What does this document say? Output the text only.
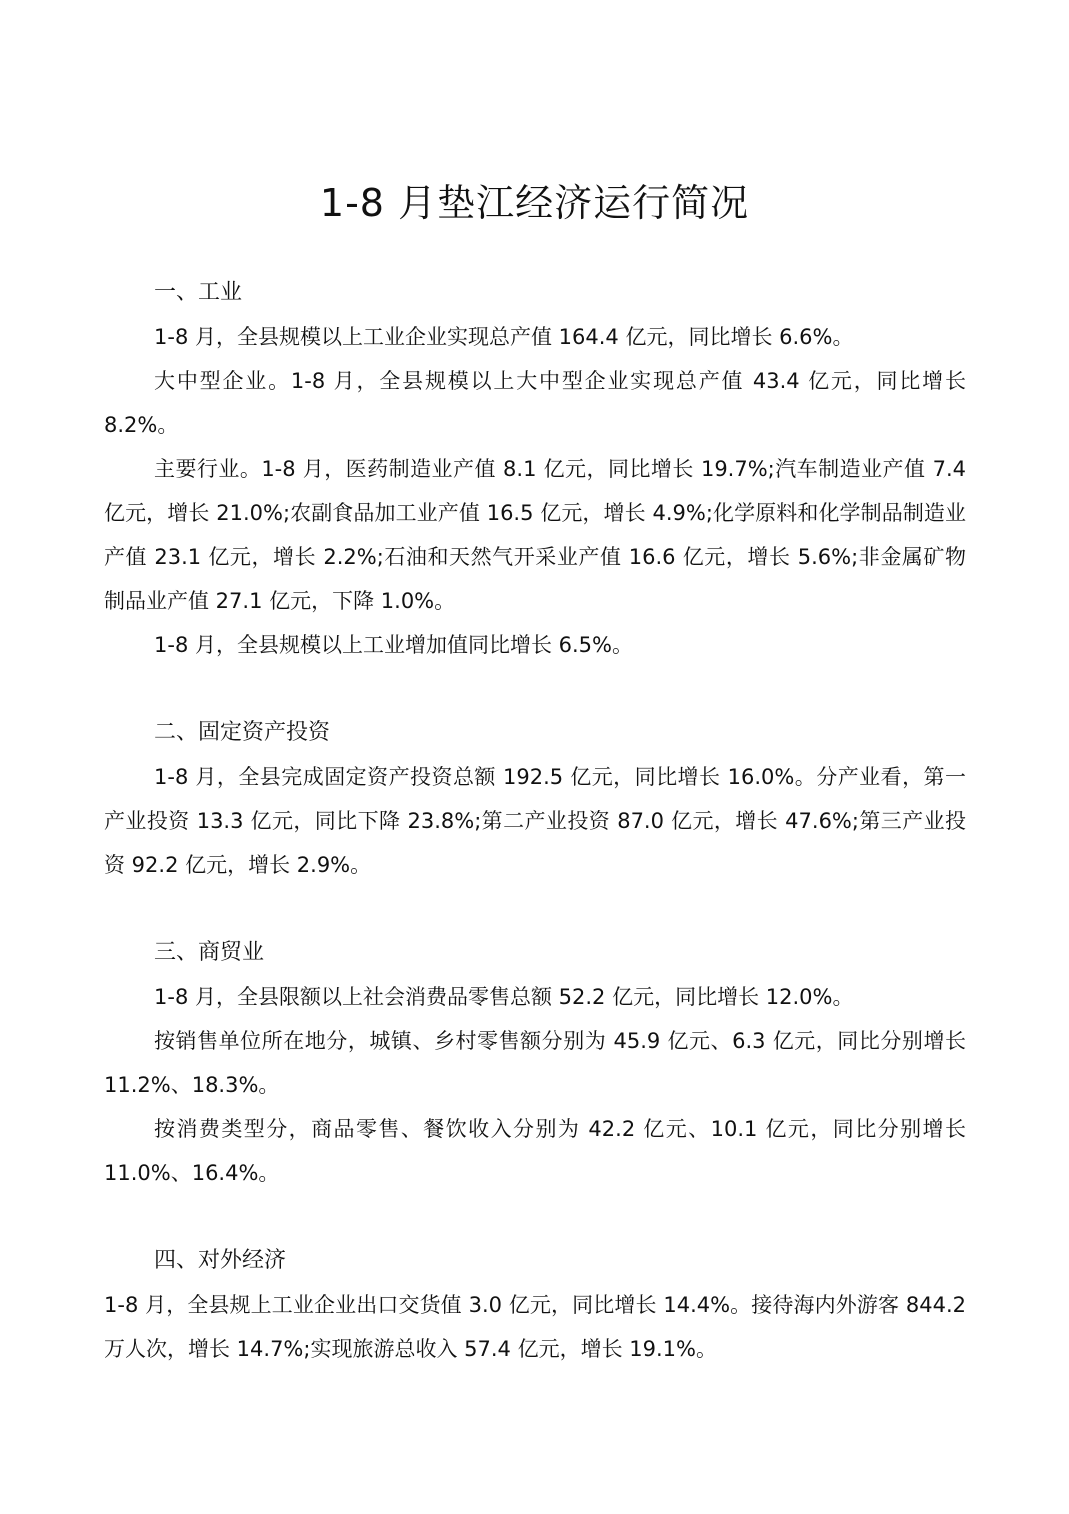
1-8 月垫江经济运行简况

一、工业

1-8 月，全县规模以上工业企业实现总产值 164.4 亿元，同比增长 6.6%。

大中型企业。1-8 月，全县规模以上大中型企业实现总产值 43.4 亿元，同比增长 8.2%。

主要行业。1-8 月，医药制造业产值 8.1 亿元，同比增长 19.7%;汽车制造业产值 7.4 亿元，增长 21.0%;农副食品加工业产值 16.5 亿元，增长 4.9%;化学原料和化学制品制造业产值 23.1 亿元，增长 2.2%;石油和天然气开采业产值 16.6 亿元，增长 5.6%;非金属矿物制品业产值 27.1 亿元，下降 1.0%。

1-8 月，全县规模以上工业增加值同比增长 6.5%。

二、固定资产投资

1-8 月，全县完成固定资产投资总额 192.5 亿元，同比增长 16.0%。分产业看，第一产业投资 13.3 亿元，同比下降 23.8%;第二产业投资 87.0 亿元，增长 47.6%;第三产业投资 92.2 亿元，增长 2.9%。

三、商贸业

1-8 月，全县限额以上社会消费品零售总额 52.2 亿元，同比增长 12.0%。

按销售单位所在地分，城镇、乡村零售额分别为 45.9 亿元、6.3 亿元，同比分别增长 11.2%、18.3%。

按消费类型分，商品零售、餐饮收入分别为 42.2 亿元、10.1 亿元，同比分别增长 11.0%、16.4%。

四、对外经济

1-8 月，全县规上工业企业出口交货值 3.0 亿元，同比增长 14.4%。接待海内外游客 844.2 万人次，增长 14.7%;实现旅游总收入 57.4 亿元，增长 19.1%。
